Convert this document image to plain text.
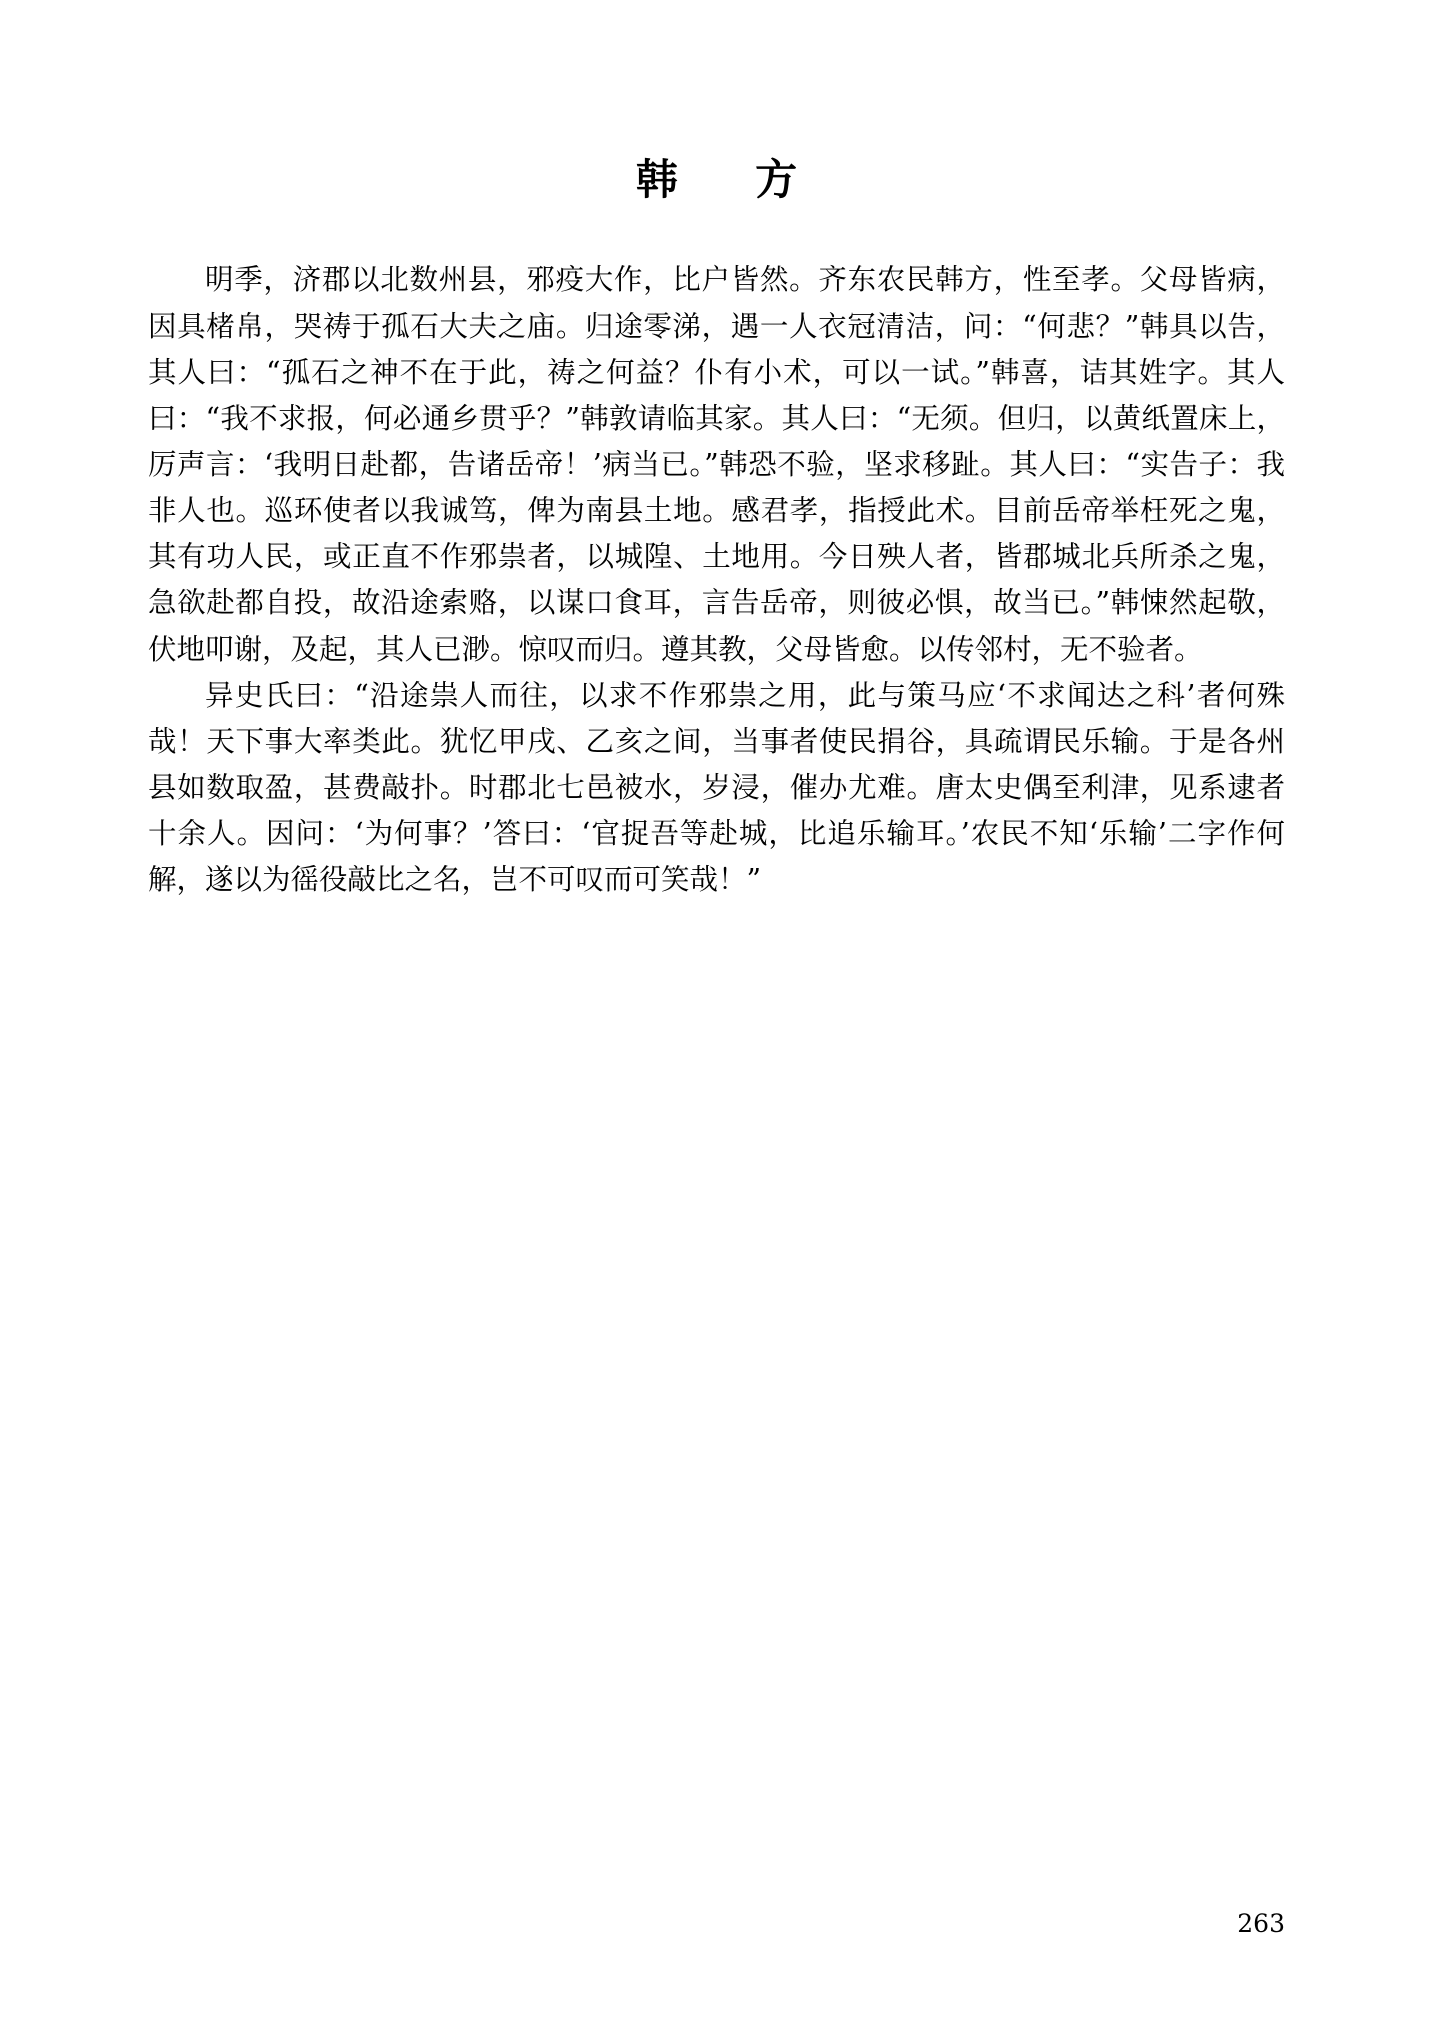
韩　方

明季，济郡以北数州县，邪疫大作，比户皆然。齐东农民韩方，性至孝。父母皆病，因具楮帛，哭祷于孤石大夫之庙。归途零涕，遇一人衣冠清洁，问：“何悲？”韩具以告，其人曰：“孤石之神不在于此，祷之何益？仆有小术，可以一试。”韩喜，诘其姓字。其人曰：“我不求报，何必通乡贯乎？”韩敦请临其家。其人曰：“无须。但归，以黄纸置床上，厉声言：‘我明日赴都，告诸岳帝！’病当已。”韩恐不验，坚求移趾。其人曰：“实告子：我非人也。巡环使者以我诚笃，俾为南县土地。感君孝，指授此术。目前岳帝举枉死之鬼，其有功人民，或正直不作邪祟者，以城隍、土地用。今日殃人者，皆郡城北兵所杀之鬼，急欲赴都自投，故沿途索赂，以谋口食耳，言告岳帝，则彼必惧，故当已。”韩悚然起敬，伏地叩谢，及起，其人已渺。惊叹而归。遵其教，父母皆愈。以传邻村，无不验者。

异史氏曰：“沿途祟人而往，以求不作邪祟之用，此与策马应‘不求闻达之科’者何殊哉！天下事大率类此。犹忆甲戌、乙亥之间，当事者使民捐谷，具疏谓民乐输。于是各州县如数取盈，甚费敲扑。时郡北七邑被水，岁浸，催办尤难。唐太史偶至利津，见系逮者十余人。因问：‘为何事？’答曰：‘官捉吾等赴城，比追乐输耳。’农民不知‘乐输’二字作何解，遂以为徭役敲比之名，岂不可叹而可笑哉！”

263
